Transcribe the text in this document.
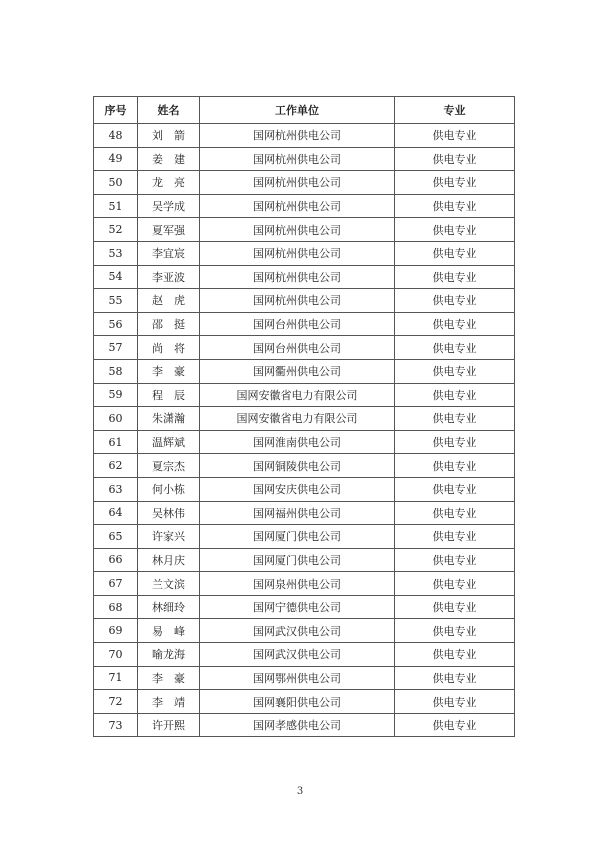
序号	姓名	工作单位	专业
48	刘　箭	国网杭州供电公司	供电专业
49	姜　建	国网杭州供电公司	供电专业
50	龙　亮	国网杭州供电公司	供电专业
51	吴学成	国网杭州供电公司	供电专业
52	夏军强	国网杭州供电公司	供电专业
53	李宜宸	国网杭州供电公司	供电专业
54	李亚波	国网杭州供电公司	供电专业
55	赵　虎	国网杭州供电公司	供电专业
56	邵　挺	国网台州供电公司	供电专业
57	尚　将	国网台州供电公司	供电专业
58	李　豪	国网衢州供电公司	供电专业
59	程　辰	国网安徽省电力有限公司	供电专业
60	朱潇瀚	国网安徽省电力有限公司	供电专业
61	温辉斌	国网淮南供电公司	供电专业
62	夏宗杰	国网铜陵供电公司	供电专业
63	何小栋	国网安庆供电公司	供电专业
64	吴林伟	国网福州供电公司	供电专业
65	许家兴	国网厦门供电公司	供电专业
66	林月庆	国网厦门供电公司	供电专业
67	兰文滨	国网泉州供电公司	供电专业
68	林细玲	国网宁德供电公司	供电专业
69	易　峰	国网武汉供电公司	供电专业
70	喻龙海	国网武汉供电公司	供电专业
71	李　豪	国网鄂州供电公司	供电专业
72	李　靖	国网襄阳供电公司	供电专业
73	许开熙	国网孝感供电公司	供电专业
3
